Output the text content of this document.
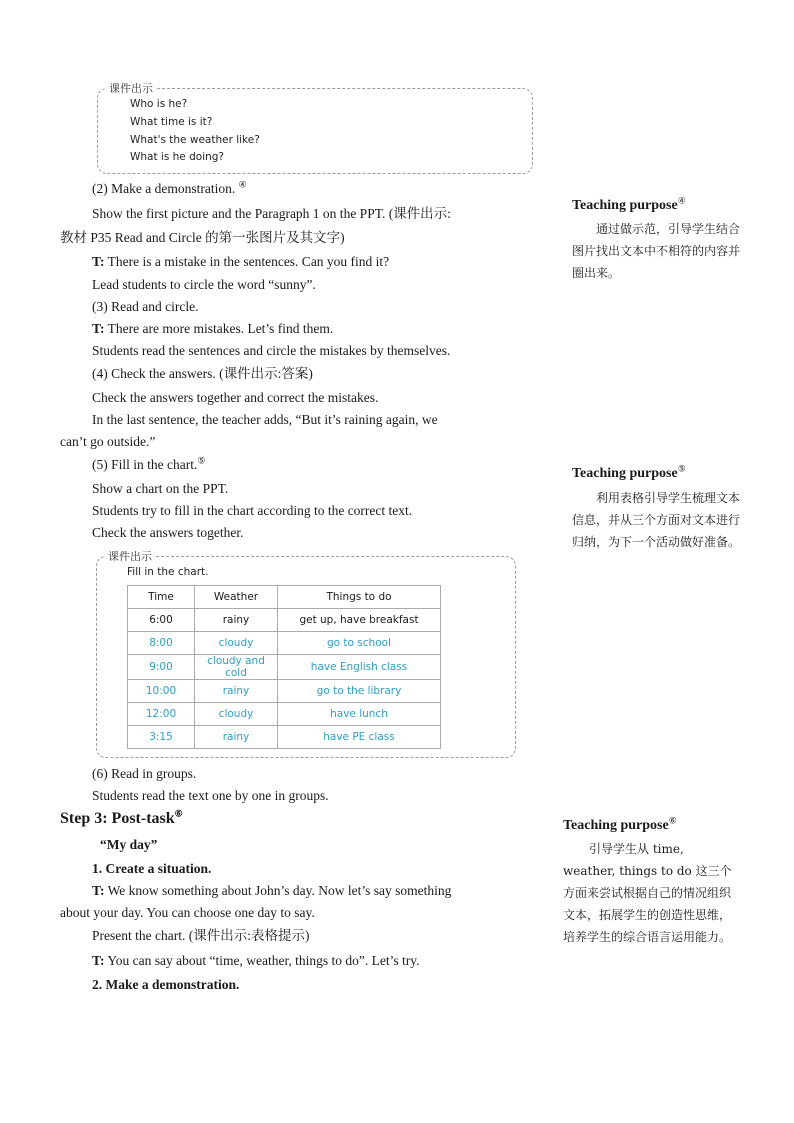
课件出示
Who is he?
What time is it?
What's the weather like?
What is he doing?
(2) Make a demonstration. ④
Show the first picture and the Paragraph 1 on the PPT. (课件出示:
教材 P35 Read and Circle 的第一张图片及其文字)
T: There is a mistake in the sentences. Can you find it?
Lead students to circle the word “sunny”.
(3) Read and circle.
T: There are more mistakes. Let’s find them.
Students read the sentences and circle the mistakes by themselves.
(4) Check the answers. (课件出示:答案)
Check the answers together and correct the mistakes.
In the last sentence, the teacher adds, “But it’s raining again, we
can’t go outside.”
(5) Fill in the chart.⑤
Show a chart on the PPT.
Students try to fill in the chart according to the correct text.
Check the answers together.
课件出示
Fill in the chart.
Time	Weather	Things to do
6:00	rainy	get up, have breakfast
8:00	cloudy	go to school
9:00	cloudy and cold	have English class
10:00	rainy	go to the library
12:00	cloudy	have lunch
3:15	rainy	have PE class
(6) Read in groups.
Students read the text one by one in groups.
Step 3: Post-task⑥
“My day”
1. Create a situation.
T: We know something about John’s day. Now let’s say something
about your day. You can choose one day to say.
Present the chart. (课件出示:表格提示)
T: You can say about “time, weather, things to do”. Let’s try.
2. Make a demonstration.
Teaching purpose④
通过做示范，引导学生结合图片找出文本中不相符的内容并圈出来。
Teaching purpose⑤
利用表格引导学生梳理文本信息，并从三个方面对文本进行归纳，为下一个活动做好准备。
Teaching purpose⑥
引导学生从 time, weather, things to do 这三个方面来尝试根据自己的情况组织文本，拓展学生的创造性思维，培养学生的综合语言运用能力。
